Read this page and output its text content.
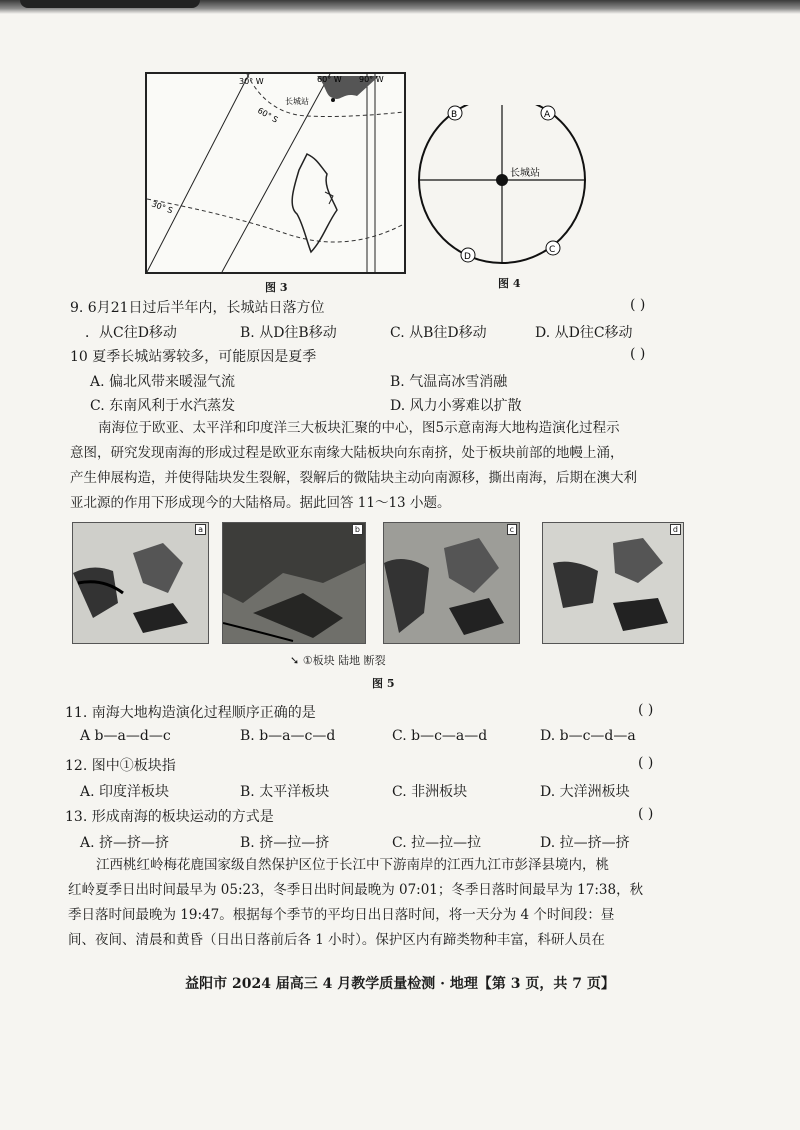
30° W	60° W 90° W
60° S
30° S
长城站
图 3
长城站
B	A
D
C
图 4
9. 6月21日过后半年内，长城站日落方位	( )
．从C往D移动	B. 从D往B移动	C. 从B往D移动	D. 从D往C移动
10 夏季长城站雾较多，可能原因是夏季	( )
A. 偏北风带来暖湿气流	B. 气温高冰雪消融
C. 东南风利于水汽蒸发	D. 风力小雾难以扩散
南海位于欧亚、太平洋和印度洋三大板块汇聚的中心，图5示意南海大地构造演化过程示
意图，研究发现南海的形成过程是欧亚东南缘大陆板块向东南挤，处于板块前部的地幔上涌，
产生伸展构造，并使得陆块发生裂解，裂解后的微陆块主动向南源移，撕出南海，后期在澳大利
亚北源的作用下形成现今的大陆格局。据此回答 11～13 小题。
a	b	c	d
➘ ①板块 陆地 断裂
图 5
11. 南海大地构造演化过程顺序正确的是	( )
A b—a—d—c	B. b—a—c—d	C. b—c—a—d	D. b—c—d—a
12. 图中①板块指	( )
A. 印度洋板块	B. 太平洋板块	C. 非洲板块	D. 大洋洲板块
13. 形成南海的板块运动的方式是	( )
A. 挤—挤—挤	B. 挤—拉—挤	C. 拉—拉—拉	D. 拉—挤—挤
江西桃红岭梅花鹿国家级自然保护区位于长江中下游南岸的江西九江市彭泽县境内，桃
红岭夏季日出时间最早为 05:23，冬季日出时间最晚为 07:01；冬季日落时间最早为 17:38，秋
季日落时间最晚为 19:47。根据每个季节的平均日出日落时间，将一天分为 4 个时间段：昼
间、夜间、清晨和黄昏（日出日落前后各 1 小时）。保护区内有蹄类物种丰富，科研人员在
益阳市 2024 届高三 4 月教学质量检测 · 地理【第 3 页，共 7 页】
